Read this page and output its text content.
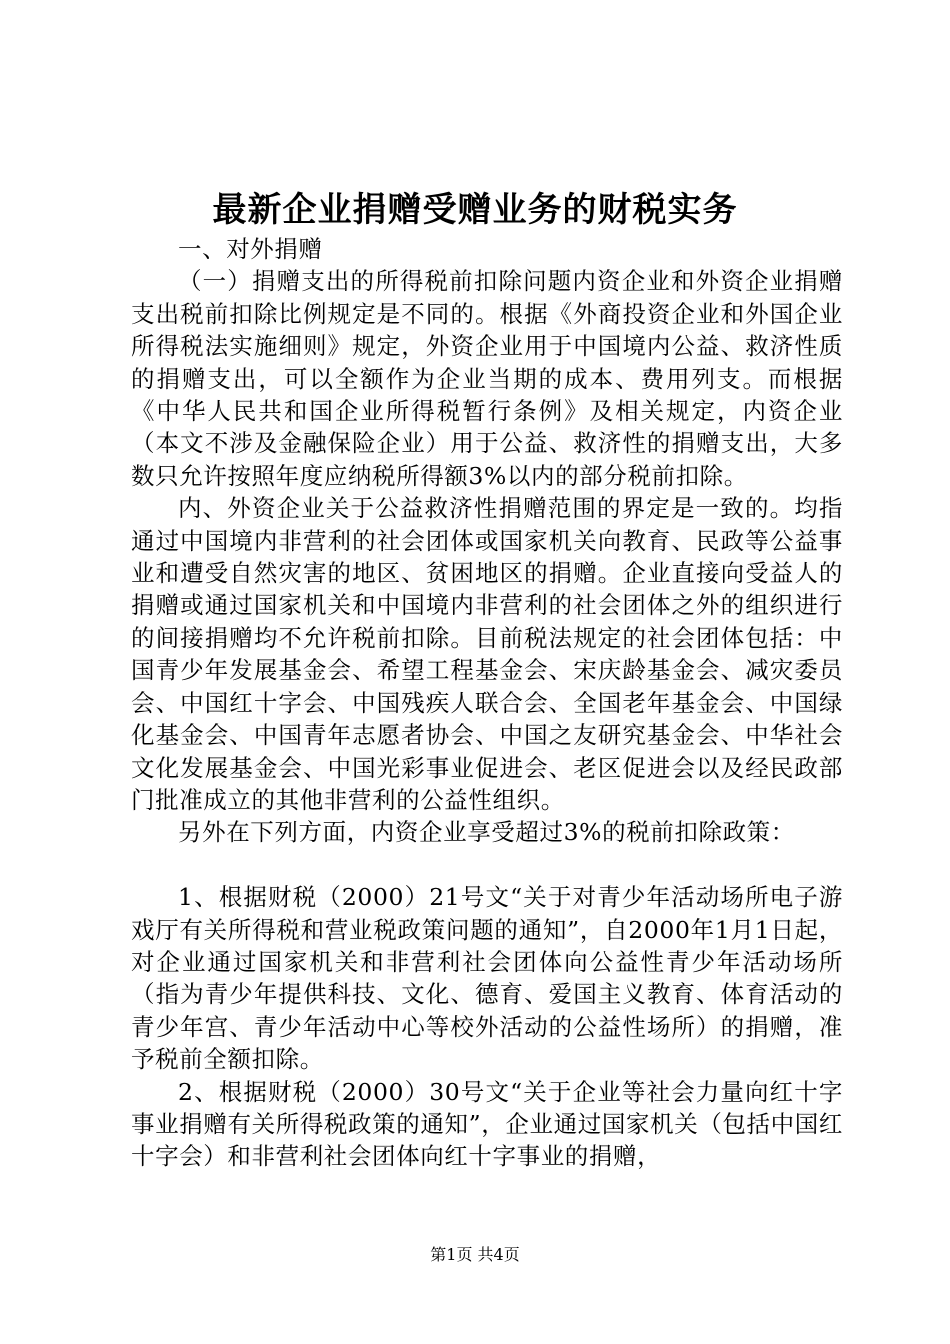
最新企业捐赠受赠业务的财税实务

一、对外捐赠

（一）捐赠支出的所得税前扣除问题内资企业和外资企业捐赠支出税前扣除比例规定是不同的。根据《外商投资企业和外国企业所得税法实施细则》规定，外资企业用于中国境内公益、救济性质的捐赠支出，可以全额作为企业当期的成本、费用列支。而根据《中华人民共和国企业所得税暂行条例》及相关规定，内资企业（本文不涉及金融保险企业）用于公益、救济性的捐赠支出，大多数只允许按照年度应纳税所得额3%以内的部分税前扣除。

内、外资企业关于公益救济性捐赠范围的界定是一致的。均指通过中国境内非营利的社会团体或国家机关向教育、民政等公益事业和遭受自然灾害的地区、贫困地区的捐赠。企业直接向受益人的捐赠或通过国家机关和中国境内非营利的社会团体之外的组织进行的间接捐赠均不允许税前扣除。目前税法规定的社会团体包括：中国青少年发展基金会、希望工程基金会、宋庆龄基金会、减灾委员会、中国红十字会、中国残疾人联合会、全国老年基金会、中国绿化基金会、中国青年志愿者协会、中国之友研究基金会、中华社会文化发展基金会、中国光彩事业促进会、老区促进会以及经民政部门批准成立的其他非营利的公益性组织。

另外在下列方面，内资企业享受超过3%的税前扣除政策：

1、根据财税（2000）21号文“关于对青少年活动场所电子游戏厅有关所得税和营业税政策问题的通知”，自2000年1月1日起，对企业通过国家机关和非营利社会团体向公益性青少年活动场所（指为青少年提供科技、文化、德育、爱国主义教育、体育活动的青少年宫、青少年活动中心等校外活动的公益性场所）的捐赠，准予税前全额扣除。

2、根据财税（2000）30号文“关于企业等社会力量向红十字事业捐赠有关所得税政策的通知”，企业通过国家机关（包括中国红十字会）和非营利社会团体向红十字事业的捐赠，

第1页 共4页
